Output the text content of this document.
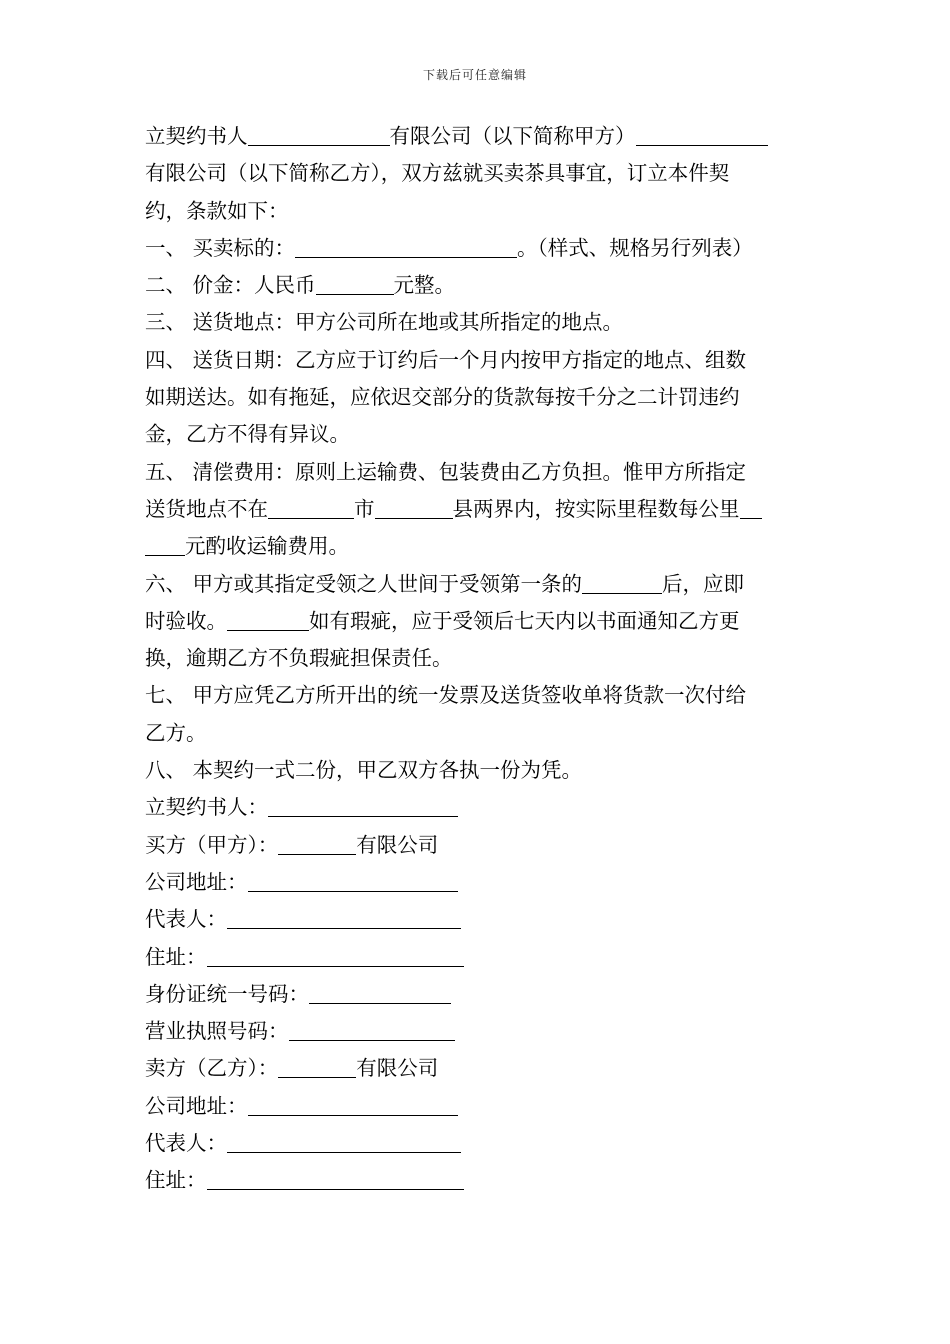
下载后可任意编辑
立契约书人	有限公司（以下简称甲方）
有限公司（以下简称乙方），双方兹就买卖茶具事宜，订立本件契
约，条款如下：
一、 买卖标的：	。（样式、规格另行列表）
二、 价金：人民币	元整。
三、 送货地点：甲方公司所在地或其所指定的地点。
四、 送货日期：乙方应于订约后一个月内按甲方指定的地点、组数
如期送达。如有拖延，应依迟交部分的货款每按千分之二计罚违约
金，乙方不得有异议。
五、 清偿费用：原则上运输费、包装费由乙方负担。惟甲方所指定
送货地点不在	市	县两界内，按实际里程数每公里
元酌收运输费用。
六、 甲方或其指定受领之人世间于受领第一条的	后，应即
时验收。	如有瑕疵，应于受领后七天内以书面通知乙方更
换，逾期乙方不负瑕疵担保责任。
七、 甲方应凭乙方所开出的统一发票及送货签收单将货款一次付给
乙方。
八、 本契约一式二份，甲乙双方各执一份为凭。
立契约书人：
买方（甲方）：	有限公司
公司地址：
代表人：
住址：
身份证统一号码：
营业执照号码：
卖方（乙方）：	有限公司
公司地址：
代表人：
住址：
